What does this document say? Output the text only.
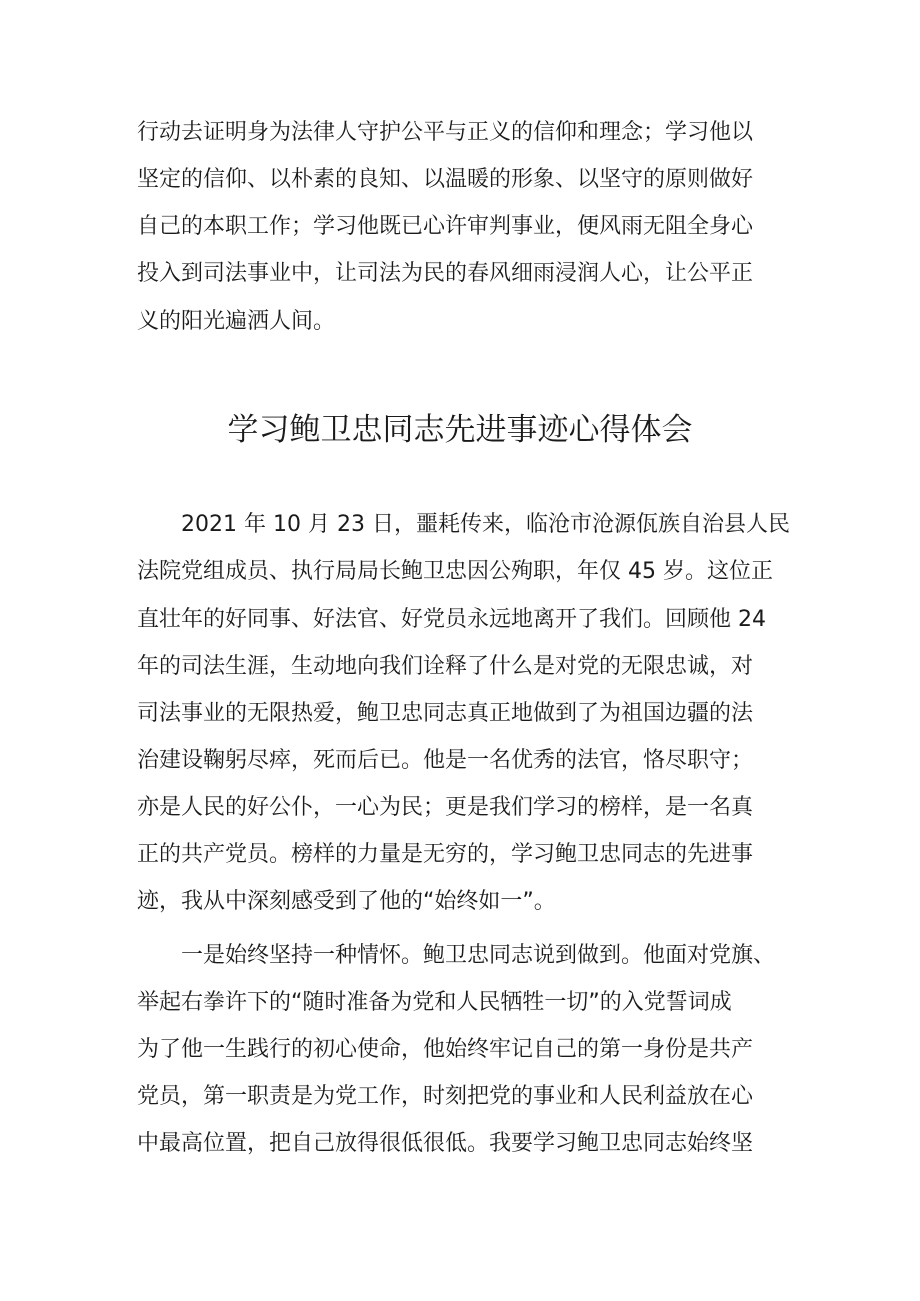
行动去证明身为法律人守护公平与正义的信仰和理念；学习他以
坚定的信仰、以朴素的良知、以温暖的形象、以坚守的原则做好
自己的本职工作；学习他既已心许审判事业，便风雨无阻全身心
投入到司法事业中，让司法为民的春风细雨浸润人心，让公平正
义的阳光遍洒人间。
学习鲍卫忠同志先进事迹心得体会
2021 年 10 月 23 日，噩耗传来，临沧市沧源佤族自治县人民
法院党组成员、执行局局长鲍卫忠因公殉职，年仅 45 岁。这位正
直壮年的好同事、好法官、好党员永远地离开了我们。回顾他 24
年的司法生涯，生动地向我们诠释了什么是对党的无限忠诚，对
司法事业的无限热爱，鲍卫忠同志真正地做到了为祖国边疆的法
治建设鞠躬尽瘁，死而后已。他是一名优秀的法官，恪尽职守；
亦是人民的好公仆，一心为民；更是我们学习的榜样，是一名真
正的共产党员。榜样的力量是无穷的，学习鲍卫忠同志的先进事
迹，我从中深刻感受到了他的“始终如一”。
一是始终坚持一种情怀。鲍卫忠同志说到做到。他面对党旗、
举起右拳许下的“随时准备为党和人民牺牲一切”的入党誓词成
为了他一生践行的初心使命，他始终牢记自己的第一身份是共产
党员，第一职责是为党工作，时刻把党的事业和人民利益放在心
中最高位置，把自己放得很低很低。我要学习鲍卫忠同志始终坚
